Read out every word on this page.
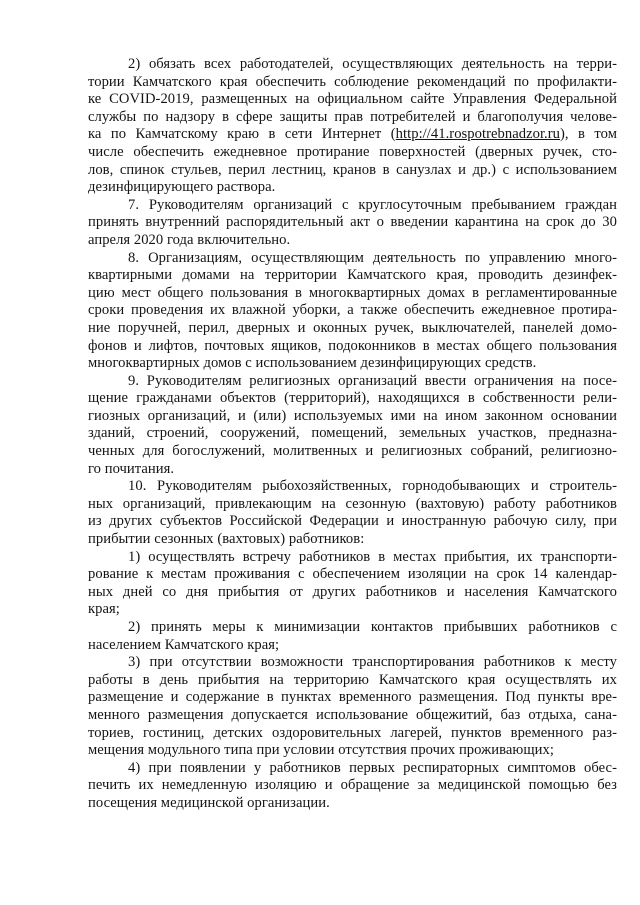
2) обязать всех работодателей, осуществляющих деятельность на терри-
тории Камчатского края обеспечить соблюдение рекомендаций по профилакти-
ке COVID-2019, размещенных на официальном сайте Управления Федеральной
службы по надзору в сфере защиты прав потребителей и благополучия челове-
ка по Камчатскому краю в сети Интернет (http://41.rospotrebnadzor.ru), в том
числе обеспечить ежедневное протирание поверхностей (дверных ручек, сто-
лов, спинок стульев, перил лестниц, кранов в санузлах и др.) с использованием
дезинфицирующего раствора.
7. Руководителям организаций с круглосуточным пребыванием граждан
принять внутренний распорядительный акт о введении карантина на срок до 30
апреля 2020 года включительно.
8. Организациям, осуществляющим деятельность по управлению много-
квартирными домами на территории Камчатского края, проводить дезинфек-
цию мест общего пользования в многоквартирных домах в регламентированные
сроки проведения их влажной уборки, а также обеспечить ежедневное протира-
ние поручней, перил, дверных и оконных ручек, выключателей, панелей домо-
фонов и лифтов, почтовых ящиков, подоконников в местах общего пользования
многоквартирных домов с использованием дезинфицирующих средств.
9. Руководителям религиозных организаций ввести ограничения на посе-
щение гражданами объектов (территорий), находящихся в собственности рели-
гиозных организаций, и (или) используемых ими на ином законном основании
зданий, строений, сооружений, помещений, земельных участков, предназна-
ченных для богослужений, молитвенных и религиозных собраний, религиозно-
го почитания.
10. Руководителям рыбохозяйственных, горнодобывающих и строитель-
ных организаций, привлекающим на сезонную (вахтовую) работу работников
из других субъектов Российской Федерации и иностранную рабочую силу, при
прибытии сезонных (вахтовых) работников:
1) осуществлять встречу работников в местах прибытия, их транспорти-
рование к местам проживания с обеспечением изоляции на срок 14 календар-
ных дней со дня прибытия от других работников и населения Камчатского
края;
2) принять меры к минимизации контактов прибывших работников с
населением Камчатского края;
3) при отсутствии возможности транспортирования работников к месту
работы в день прибытия на территорию Камчатского края осуществлять их
размещение и содержание в пунктах временного размещения. Под пункты вре-
менного размещения допускается использование общежитий, баз отдыха, сана-
ториев, гостиниц, детских оздоровительных лагерей, пунктов временного раз-
мещения модульного типа при условии отсутствия прочих проживающих;
4) при появлении у работников первых респираторных симптомов обес-
печить их немедленную изоляцию и обращение за медицинской помощью без
посещения медицинской организации.
